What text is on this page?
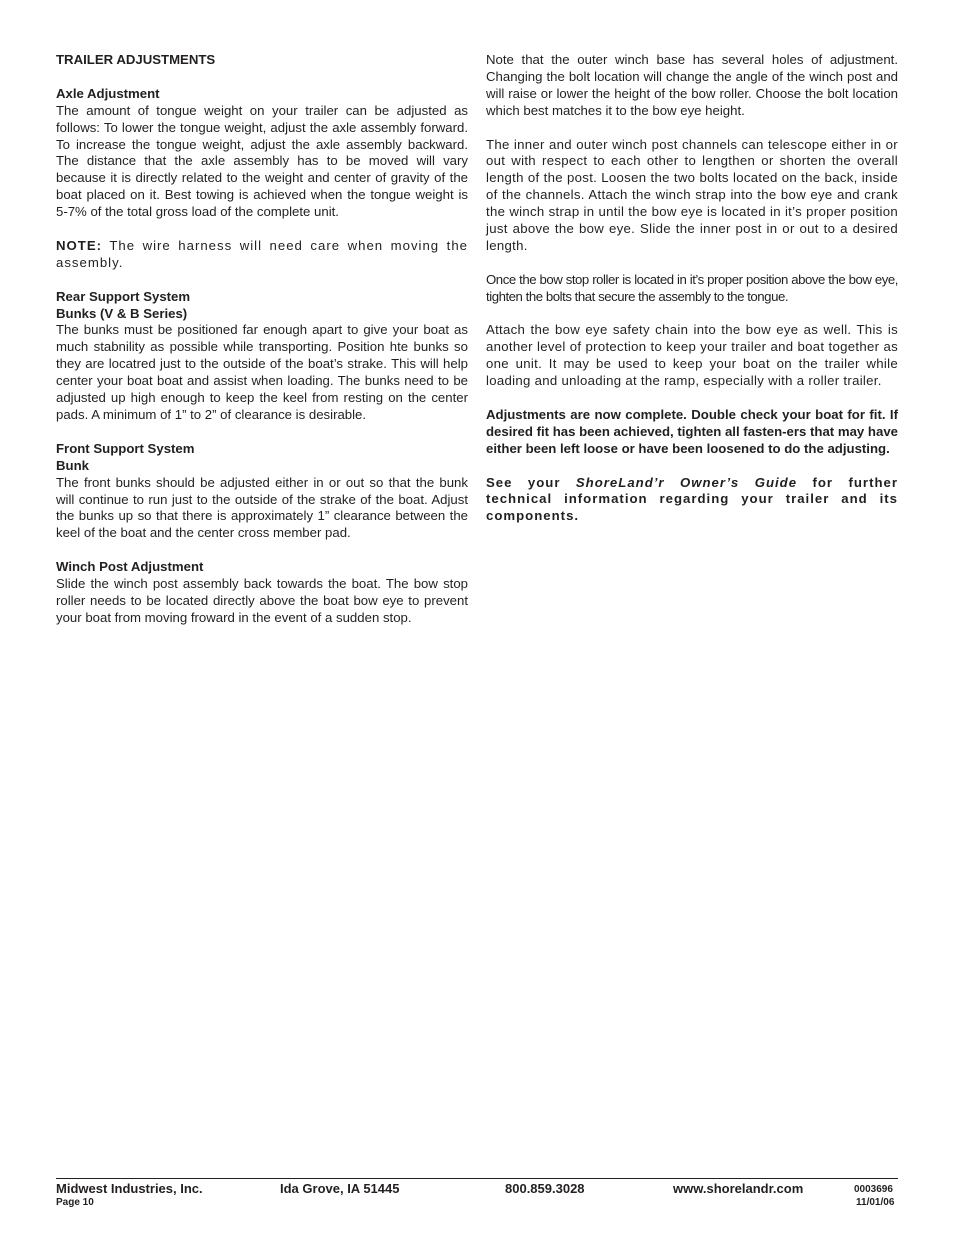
TRAILER ADJUSTMENTS
Axle Adjustment

The amount of tongue weight on your trailer can be adjusted as follows: To lower the tongue weight, adjust the axle assembly forward. To increase the tongue weight, adjust the axle assembly backward. The distance that the axle assembly has to be moved will vary because it is directly related to the weight and center of gravity of the boat placed on it. Best towing is achieved when the tongue weight is 5-7% of the total gross load of the complete unit.

NOTE: The wire harness will need care when moving the assembly.

Rear Support System
Bunks (V & B Series)

The bunks must be positioned far enough apart to give your boat as much stabnility as possible while transporting. Position hte bunks so they are locatred just to the outside of the boat’s strake. This will help center your boat boat and assist when loading. The bunks need to be adjusted up high enough to keep the keel from resting on the center pads. A minimum of 1” to 2” of clearance is desirable.

Front Support System
Bunk

The front bunks should be adjusted either in or out so that the bunk will continue to run just to the outside of the strake of the boat. Adjust the bunks up so that there is approximately 1” clearance between the keel of the boat and the center cross member pad.

Winch Post Adjustment

Slide the winch post assembly back towards the boat. The bow stop roller needs to be located directly above the boat bow eye to prevent your boat from moving froward in the event of a sudden stop.

Note that the outer winch base has several holes of adjustment. Changing the bolt location will change the angle of the winch post and will raise or lower the height of the bow roller. Choose the bolt location which best matches it to the bow eye height.

The inner and outer winch post channels can telescope either in or out with respect to each other to lengthen or shorten the overall length of the post. Loosen the two bolts located on the back, inside of the channels. Attach the winch strap into the bow eye and crank the winch strap in until the bow eye is located in it’s proper position just above the bow eye. Slide the inner post in or out to a desired length.

Once the bow stop roller is located in it’s proper position above the bow eye, tighten the bolts that secure the assembly to the tongue.

Attach the bow eye safety chain into the bow eye as well. This is another level of protection to keep your trailer and boat together as one unit. It may be used to keep your boat on the trailer while loading and unloading at the ramp, especially with a roller trailer.

Adjustments are now complete. Double check your boat for fit. If desired fit has been achieved, tighten all fasten-ers that may have either been left loose or have been loosened to do the adjusting.

See your ShoreLand’r Owner’s Guide for further technical information regarding your trailer and its components.

Midwest Industries, Inc.
Page 10
Ida Grove, IA 51445	800.859.3028	www.shorelandr.com	0003696
11/01/06
